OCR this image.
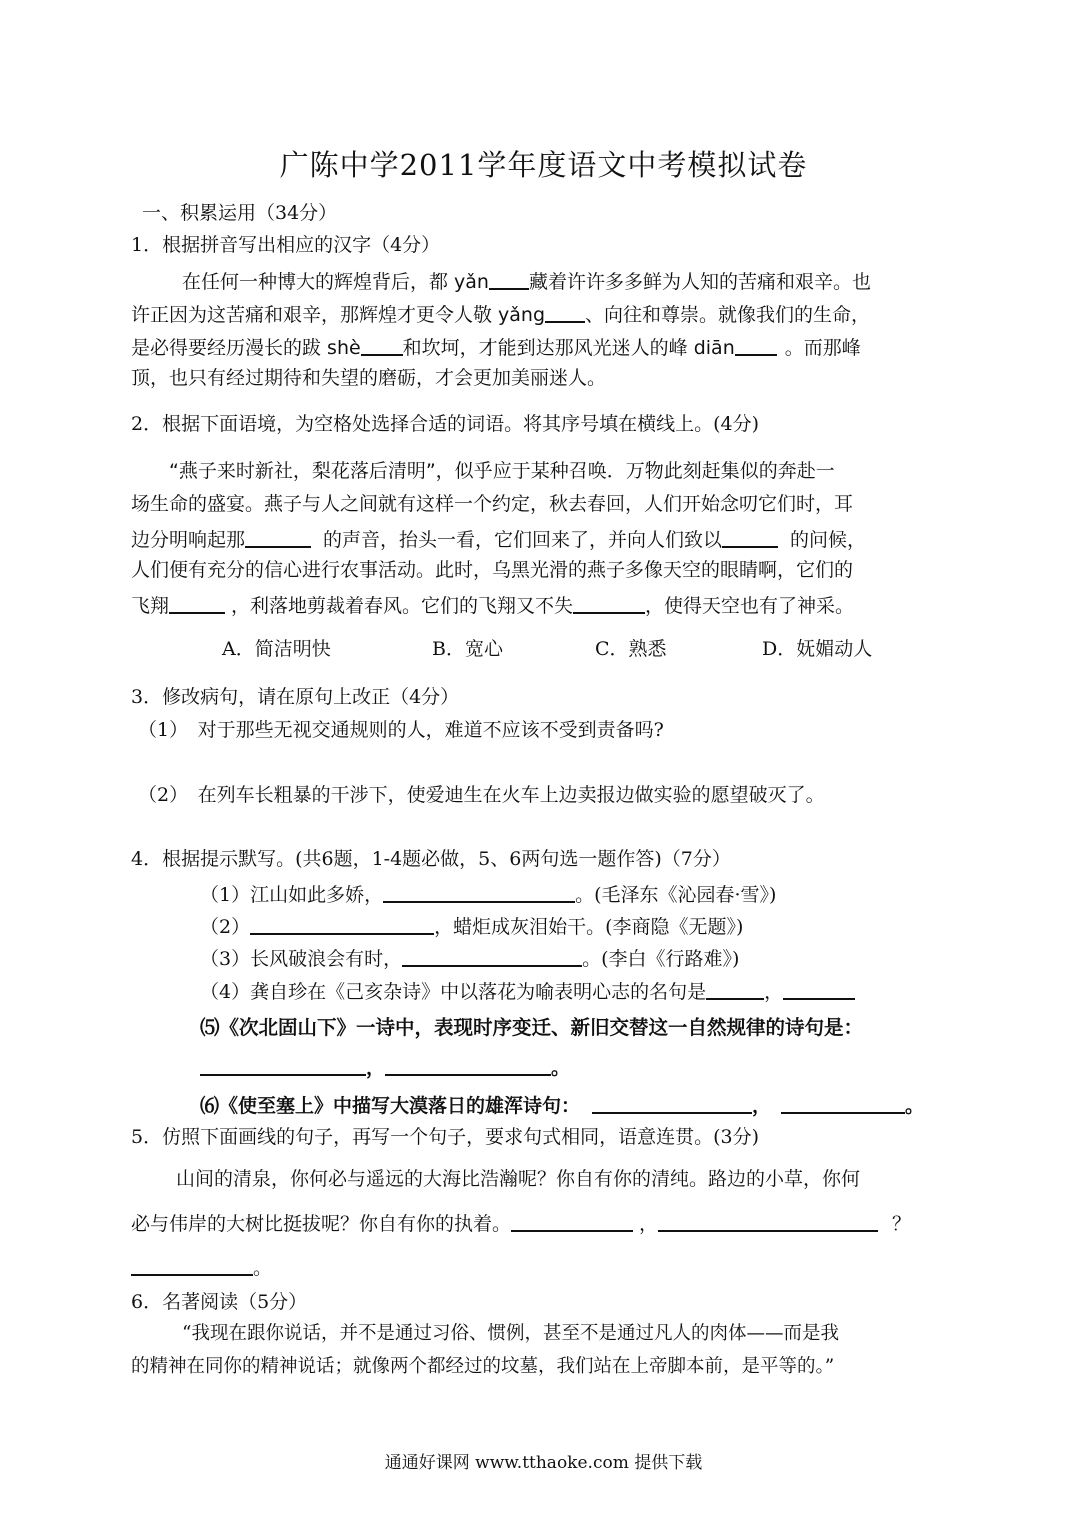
广陈中学2011学年度语文中考模拟试卷
一、积累运用（34分）
1．根据拼音写出相应的汉字（4分）
在任何一种博大的辉煌背后，都 yǎn 藏着许许多多鲜为人知的苦痛和艰辛。也
许正因为这苦痛和艰辛，那辉煌才更令人敬 yǎng 、向往和尊崇。就像我们的生命，
是必得要经历漫长的跋 shè 和坎坷，才能到达那风光迷人的峰 diān	。而那峰
顶，也只有经过期待和失望的磨砺，才会更加美丽迷人。
2．根据下面语境，为空格处选择合适的词语。将其序号填在横线上。(4分)
“燕子来时新社，梨花落后清明”，似乎应于某种召唤．万物此刻赶集似的奔赴一
场生命的盛宴。燕子与人之间就有这样一个约定，秋去春回，人们开始念叨它们时，耳
边分明响起那	的声音，抬头一看，它们回来了，并向人们致以	的问候，
人们便有充分的信心进行农事活动。此时，乌黑光滑的燕子多像天空的眼睛啊，它们的
飞翔	，利落地剪裁着春风。它们的飞翔又不失	，使得天空也有了神采。
A．简洁明快	B．宽心	C．熟悉	D．妩媚动人
3．修改病句，请在原句上改正（4分）
（1）　对于那些无视交通规则的人，难道不应该不受到责备吗?
（2）　在列车长粗暴的干涉下，使爱迪生在火车上边卖报边做实验的愿望破灭了。
4．根据提示默写。(共6题，1-4题必做，5、6两句选一题作答)（7分）
（1）江山如此多娇，	。(毛泽东《沁园春·雪》)
（2）	，蜡炬成灰泪始干。(李商隐《无题》)
（3）长风破浪会有时，	。(李白《行路难》)
（4）龚自珍在《己亥杂诗》中以落花为喻表明心志的名句是	，
⑸《次北固山下》一诗中，表现时序变迁、新旧交替这一自然规律的诗句是：
，	。
⑹《使至塞上》中描写大漠落日的雄浑诗句：	，	。
5．仿照下面画线的句子，再写一个句子，要求句式相同，语意连贯。(3分)
山间的清泉，你何必与遥远的大海比浩瀚呢？你自有你的清纯。路边的小草，你何
必与伟岸的大树比挺拔呢？你自有你的执着。	，	？
。
6．名著阅读（5分）
“我现在跟你说话，并不是通过习俗、惯例，甚至不是通过凡人的肉体——而是我
的精神在同你的精神说话；就像两个都经过的坟墓，我们站在上帝脚本前，是平等的。”
通通好课网 www.tthaoke.com 提供下载
